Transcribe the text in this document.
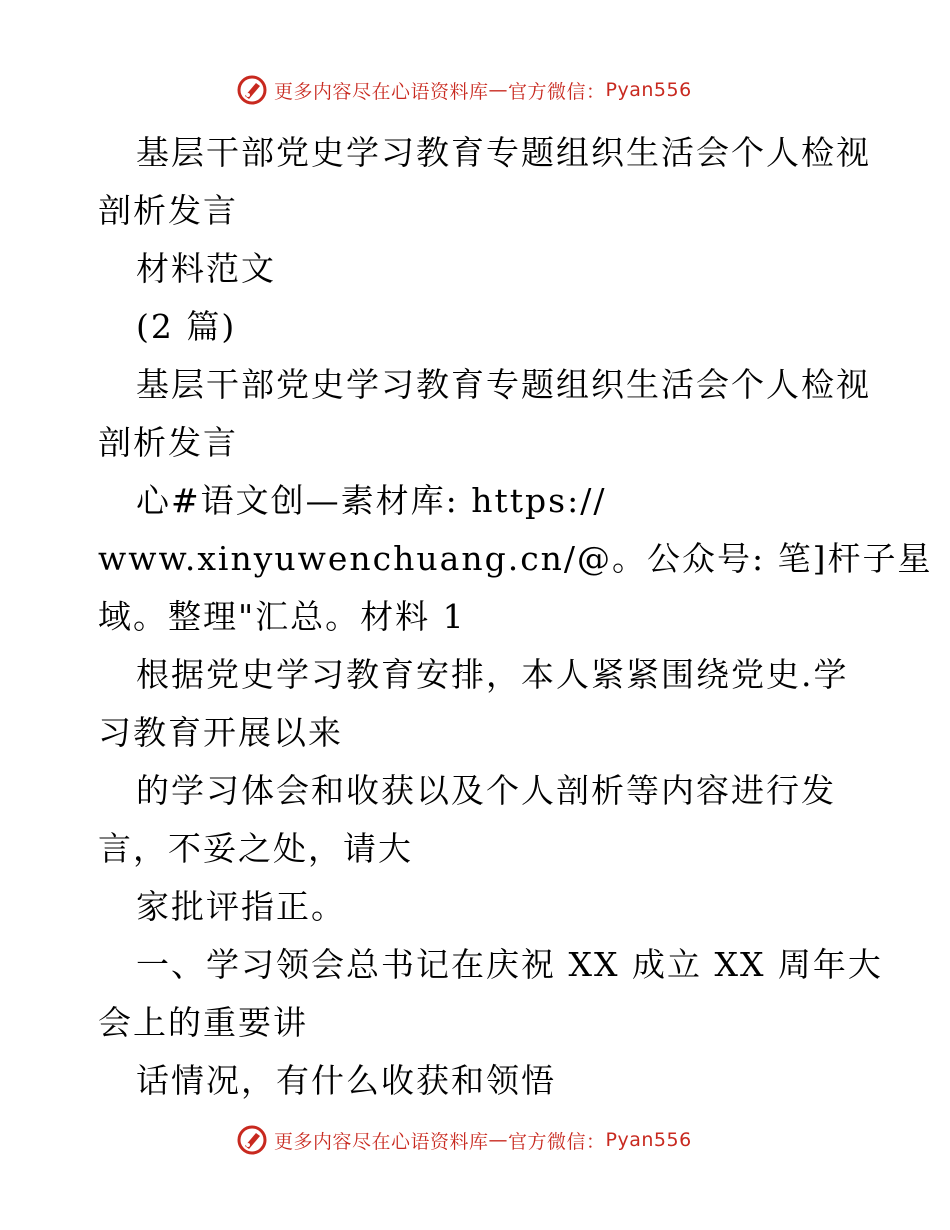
更多内容尽在心语资料库 — 官方微信： Pyan556
基层干部党史学习教育专题组织生活会个人检视
剖析发言
材料范文
(2 篇)
基层干部党史学习教育专题组织生活会个人检视
剖析发言
心#语文创—素材库: https://
www.xinyuwenchuang.cn/@。公众号: 笔]杆子星
域。整理"汇总。材料 1
根据党史学习教育安排，本人紧紧围绕党史.学
习教育开展以来
的学习体会和收获以及个人剖析等内容进行发
言，不妥之处，请大
家批评指正。
一、学习领会总书记在庆祝 XX 成立 XX 周年大
会上的重要讲
话情况，有什么收获和领悟
更多内容尽在心语资料库 — 官方微信： Pyan556
